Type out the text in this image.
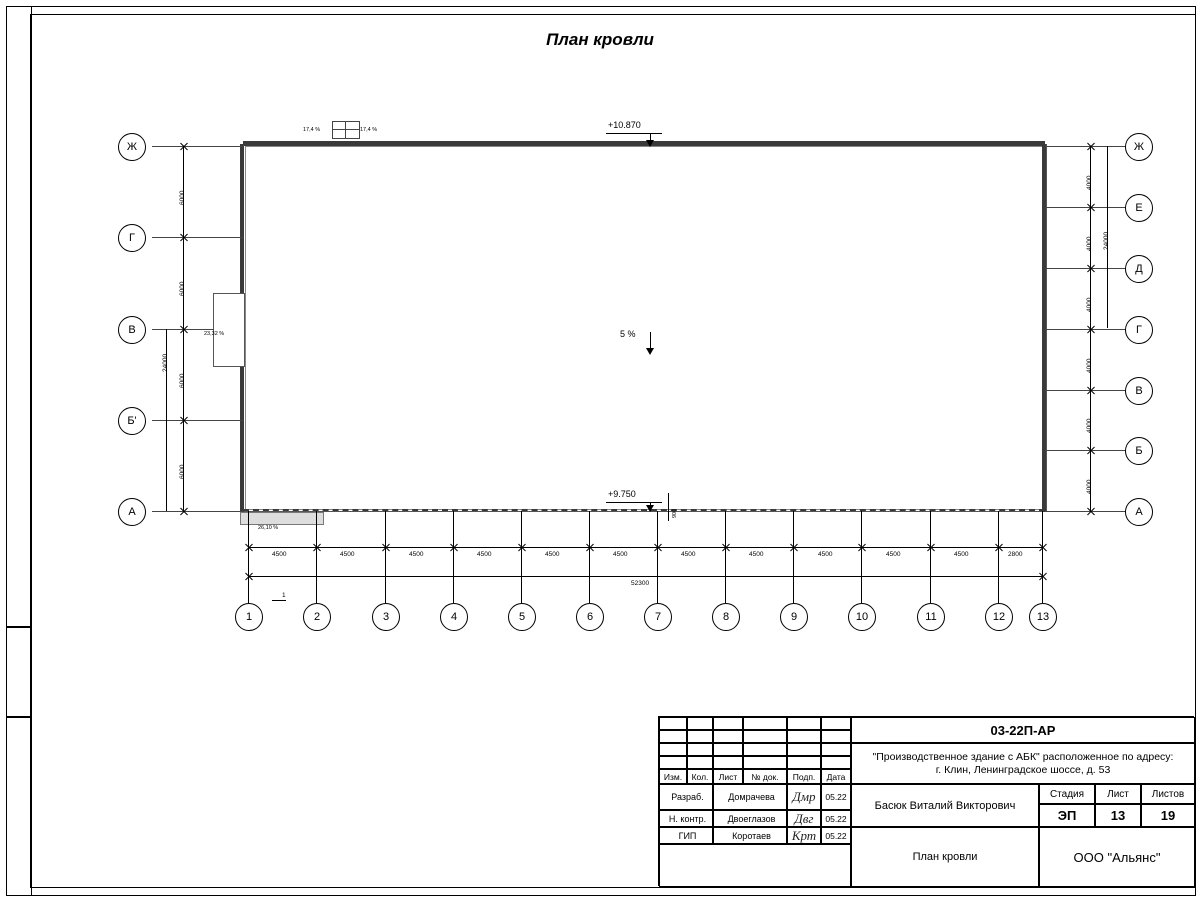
План кровли
17,4 %	17,4 %
23,32 %
26,10 %
5 %
+10.870
+9.750
900
Ж
Г
В
Б'
А
6000
6000
6000
6000
24000
Ж
Е
Д
Г
В
Б
А
4000
4000
4000
4000
4000
4000
24000
4500	4500	4500	4500	4500	4500	4500	4500	4500	4500	4500	2800
52300
1	2	3	4	5	6	7	8	9	10	11	12	13
1
Изм.	Кол.	Лист	№ док.	Подп.	Дата
Разраб.	Домрачева	Дмр	05.22
Н. контр.	Двоеглазов	Двг	05.22
ГИП	Коротаев	Крт	05.22
03-22П-АР
"Производственное здание с АБК" расположенное по адресу:
г. Клин, Ленинградское шоссе, д. 53
Басюк Виталий Викторович
План кровли
Стадия	Лист	Листов
ЭП	13	19
ООО "Альянс"
